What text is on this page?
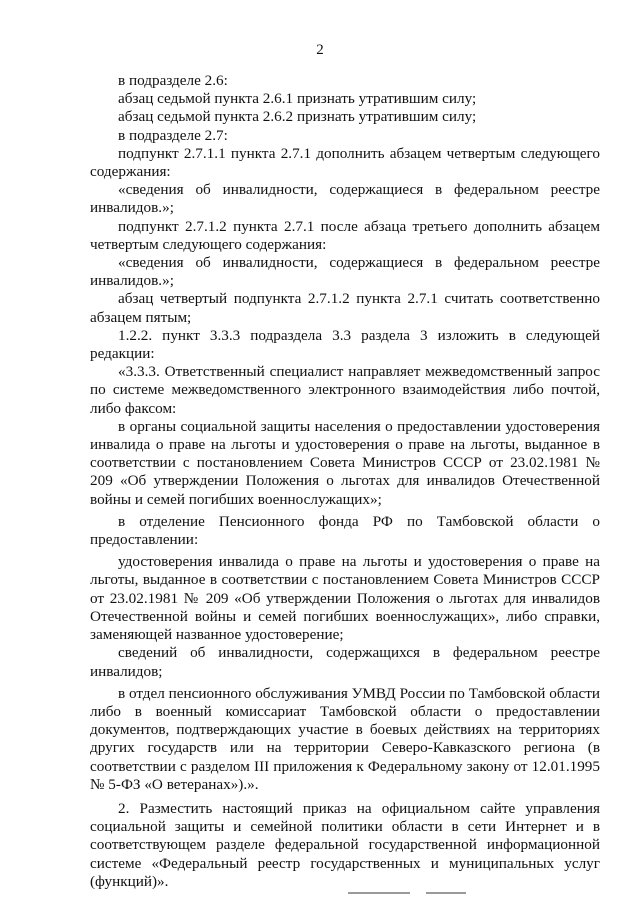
2

в подразделе 2.6:

абзац седьмой пункта 2.6.1 признать утратившим силу;

абзац седьмой пункта 2.6.2 признать утратившим силу;

в подразделе 2.7:

подпункт 2.7.1.1 пункта 2.7.1 дополнить абзацем четвертым следующего содержания:

«сведения об инвалидности, содержащиеся в федеральном реестре инвалидов.»;

подпункт 2.7.1.2 пункта 2.7.1 после абзаца третьего дополнить абзацем четвертым следующего содержания:

«сведения об инвалидности, содержащиеся в федеральном реестре инвалидов.»;

абзац четвертый подпункта 2.7.1.2 пункта 2.7.1 считать соответственно абзацем пятым;

1.2.2. пункт 3.3.3 подраздела 3.3 раздела 3 изложить в следующей редакции:

«3.3.3. Ответственный специалист направляет межведомственный запрос по системе межведомственного электронного взаимодействия либо почтой, либо факсом:

в органы социальной защиты населения о предоставлении удостоверения инвалида о праве на льготы и удостоверения о праве на льготы, выданное в соответствии с постановлением Совета Министров СССР от 23.02.1981 № 209 «Об утверждении Положения о льготах для инвалидов Отечественной войны и семей погибших военнослужащих»;

в отделение Пенсионного фонда РФ по Тамбовской области о предоставлении:

удостоверения инвалида о праве на льготы и удостоверения о праве на льготы, выданное в соответствии с постановлением Совета Министров СССР от 23.02.1981 № 209 «Об утверждении Положения о льготах для инвалидов Отечественной войны и семей погибших военнослужащих», либо справки, заменяющей названное удостоверение;

сведений об инвалидности, содержащихся в федеральном реестре инвалидов;

в отдел пенсионного обслуживания УМВД России по Тамбовской области либо в военный комиссариат Тамбовской области о предоставлении документов, подтверждающих участие в боевых действиях на территориях других государств или на территории Северо-Кавказского региона (в соответствии с разделом III приложения к Федеральному закону от 12.01.1995 № 5-ФЗ «О ветеранах»).».

2. Разместить настоящий приказ на официальном сайте управления социальной защиты и семейной политики области в сети Интернет и в соответствующем разделе федеральной государственной информационной системе «Федеральный реестр государственных и муниципальных услуг (функций)».
